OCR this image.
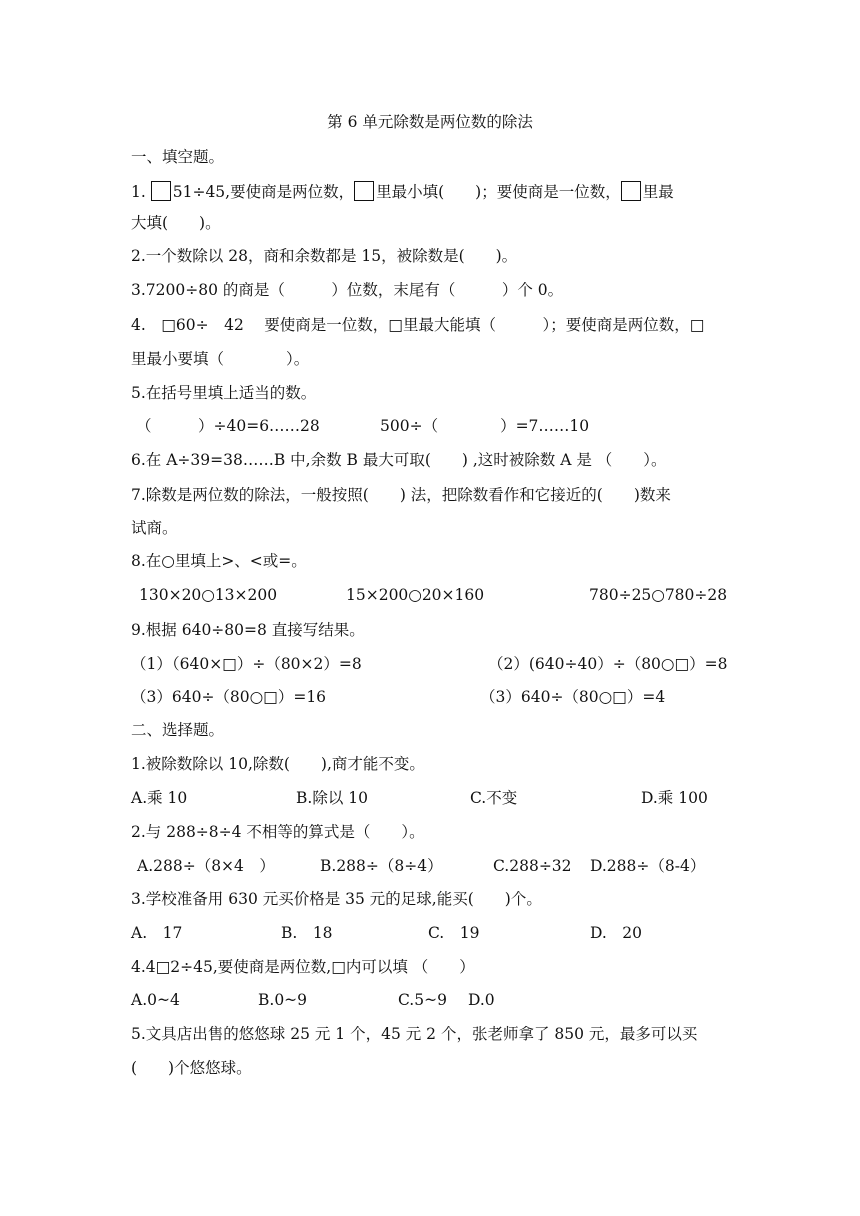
第 6 单元除数是两位数的除法
一、填空题。
1. 51÷45,要使商是两位数， 里最小填(　　)；要使商是一位数， 里最
大填(　　)。
2.一个数除以 28，商和余数都是 15，被除数是(　　)。
3.7200÷80 的商是（　　　）位数，末尾有（　　　）个 0。
4.　□60÷　42　 要使商是一位数，□里最大能填（　　　）；要使商是两位数，□
里最小要填（　　　　）。
5.在括号里填上适当的数。
（　　　）÷40=6……28	500÷（　　　　）=7……10
6.在 A÷39=38……B 中,余数 B 最大可取(　　) ,这时被除数 A 是 （　　）。
7.除数是两位数的除法，一般按照(　　) 法，把除数看作和它接近的(　　)数来
试商。
8.在○里填上>、<或=。
130×20○13×200	15×200○20×160	780÷25○780÷28
9.根据 640÷80=8 直接写结果。
（1）（640×□）÷（80×2）=8	（2）(640÷40）÷（80○□）=8
（3）640÷（80○□）=16	（3）640÷（80○□）=4
二、选择题。
1.被除数除以 10,除数(　　),商才能不变。
A.乘 10	B.除以 10	C.不变	D.乘 100
2.与 288÷8÷4 不相等的算式是（　　）。
A.288÷（8×4　）	B.288÷（8÷4）	C.288÷32 D.288÷（8-4）
3.学校准备用 630 元买价格是 35 元的足球,能买(　　)个。
A.　17	B.　18	C.　19	D.　20
4.4□2÷45,要使商是两位数,□内可以填 （　　）
A.0~4	B.0~9	C.5~9 D.0
5.文具店出售的悠悠球 25 元 1 个，45 元 2 个，张老师拿了 850 元，最多可以买
(　　)个悠悠球。
